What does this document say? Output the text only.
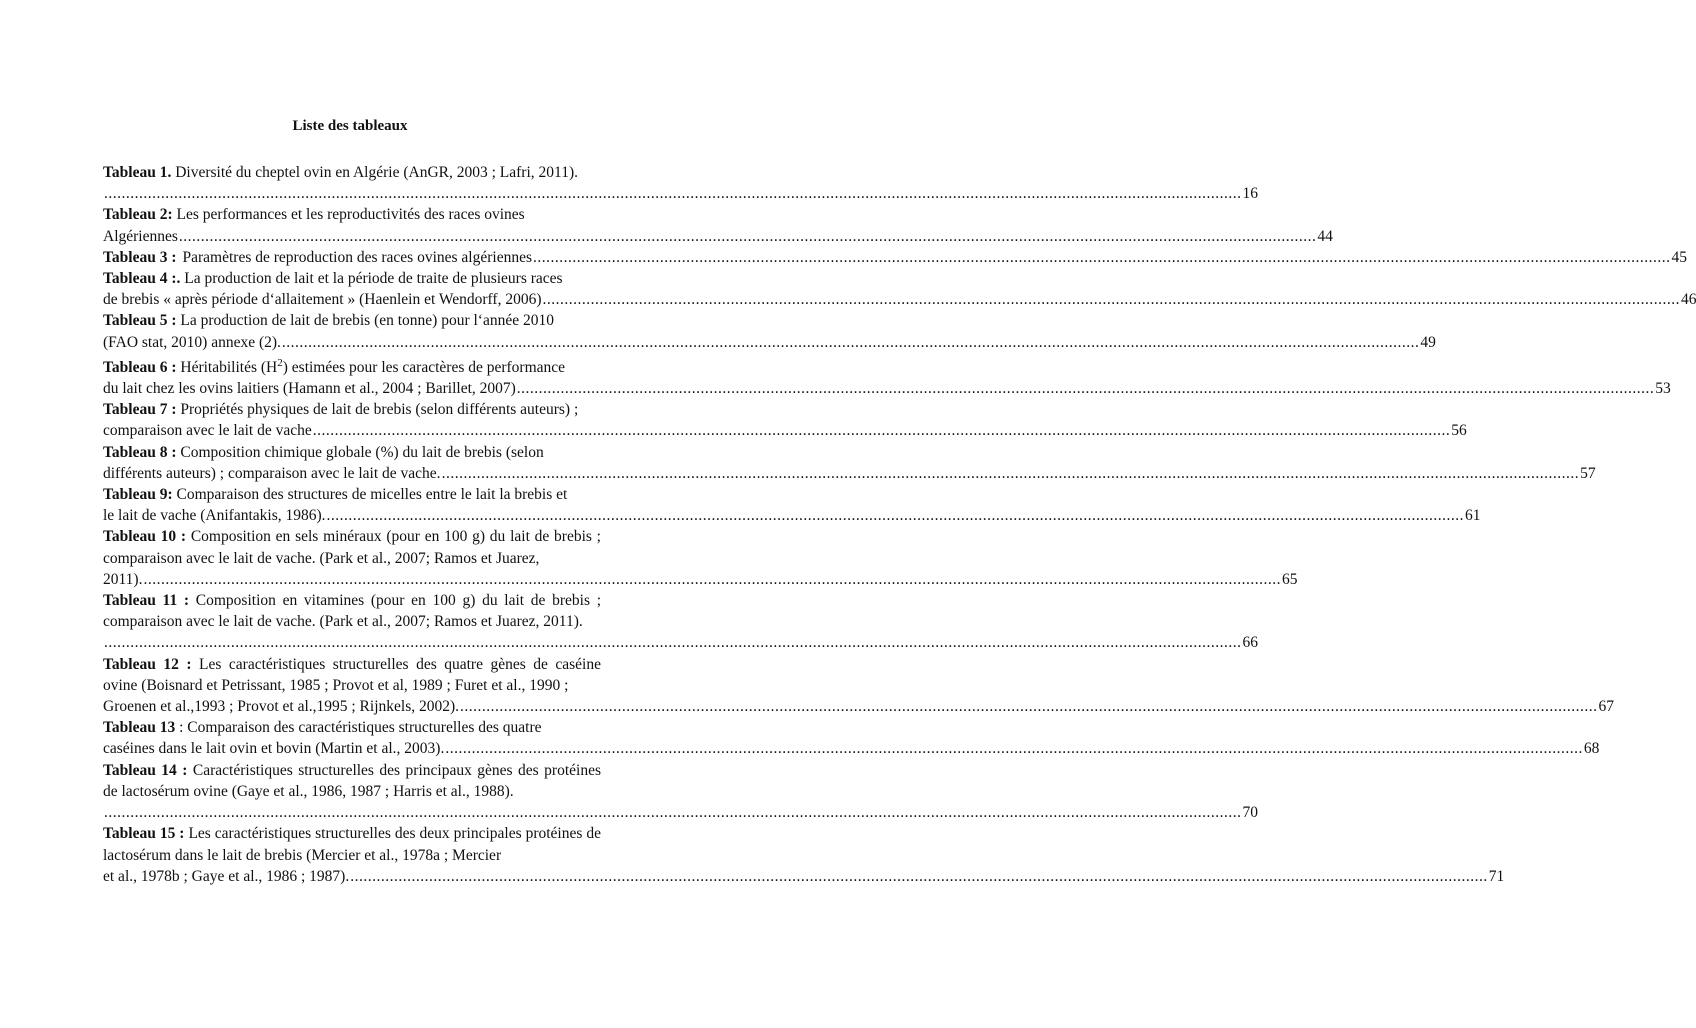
Liste des tableaux
Tableau 1. Diversité du cheptel ovin en Algérie (AnGR, 2003 ; Lafri, 2011).
.................................................................................................................................................................................................................................................................... 16
Tableau 2: Les performances et les reproductivités des races ovines
Algériennes .................................................................................................................................................................................................................................................................... 44
Tableau 3 : Paramètres de reproduction des races ovines algériennes .................................................................................................................................................................................................................................................................... 45
Tableau 4 :. La production de lait et la période de traite de plusieurs races
de brebis « après période d‘allaitement » (Haenlein et Wendorff, 2006) .................................................................................................................................................................................................................................................................... 46
Tableau 5 : La production de lait de brebis (en tonne) pour l‘année 2010
(FAO stat, 2010) annexe (2). .................................................................................................................................................................................................................................................................... 49
Tableau 6 : Héritabilités $(H^2)$ estimées pour les caractères de performance
du lait chez les ovins laitiers (Hamann et al., 2004 ; Barillet, 2007) .................................................................................................................................................................................................................................................................... 53
Tableau 7 : Propriétés physiques de lait de brebis (selon différents auteurs) ;
comparaison avec le lait de vache .................................................................................................................................................................................................................................................................... 56
Tableau 8 : Composition chimique globale (%) du lait de brebis (selon
différents auteurs) ; comparaison avec le lait de vache. .................................................................................................................................................................................................................................................................... 57
Tableau 9: Comparaison des structures de micelles entre le lait la brebis et
le lait de vache (Anifantakis, 1986). .................................................................................................................................................................................................................................................................... 61
Tableau 10 : Composition en sels minéraux (pour en 100 g) du lait de brebis ; comparaison avec le lait de vache. (Park et al., 2007; Ramos et Juarez,
2011). .................................................................................................................................................................................................................................................................... 65
Tableau 11 : Composition en vitamines (pour en 100 g) du lait de brebis ; comparaison avec le lait de vache. (Park et al., 2007; Ramos et Juarez, 2011).
.................................................................................................................................................................................................................................................................... 66
Tableau 12 : Les caractéristiques structurelles des quatre gènes de caséine ovine (Boisnard et Petrissant, 1985 ; Provot et al, 1989 ; Furet et al., 1990 ;
Groenen et al.,1993 ; Provot et al.,1995 ; Rijnkels, 2002). .................................................................................................................................................................................................................................................................... 67
Tableau 13 : Comparaison des caractéristiques structurelles des quatre
caséines dans le lait ovin et bovin (Martin et al., 2003). .................................................................................................................................................................................................................................................................... 68
Tableau 14 : Caractéristiques structurelles des principaux gènes des protéines de lactosérum ovine (Gaye et al., 1986, 1987 ; Harris et al., 1988).
.................................................................................................................................................................................................................................................................... 70
Tableau 15 : Les caractéristiques structurelles des deux principales protéines de lactosérum dans le lait de brebis (Mercier et al., 1978a ; Mercier
et al., 1978b ; Gaye et al., 1986 ; 1987). .................................................................................................................................................................................................................................................................... 71
